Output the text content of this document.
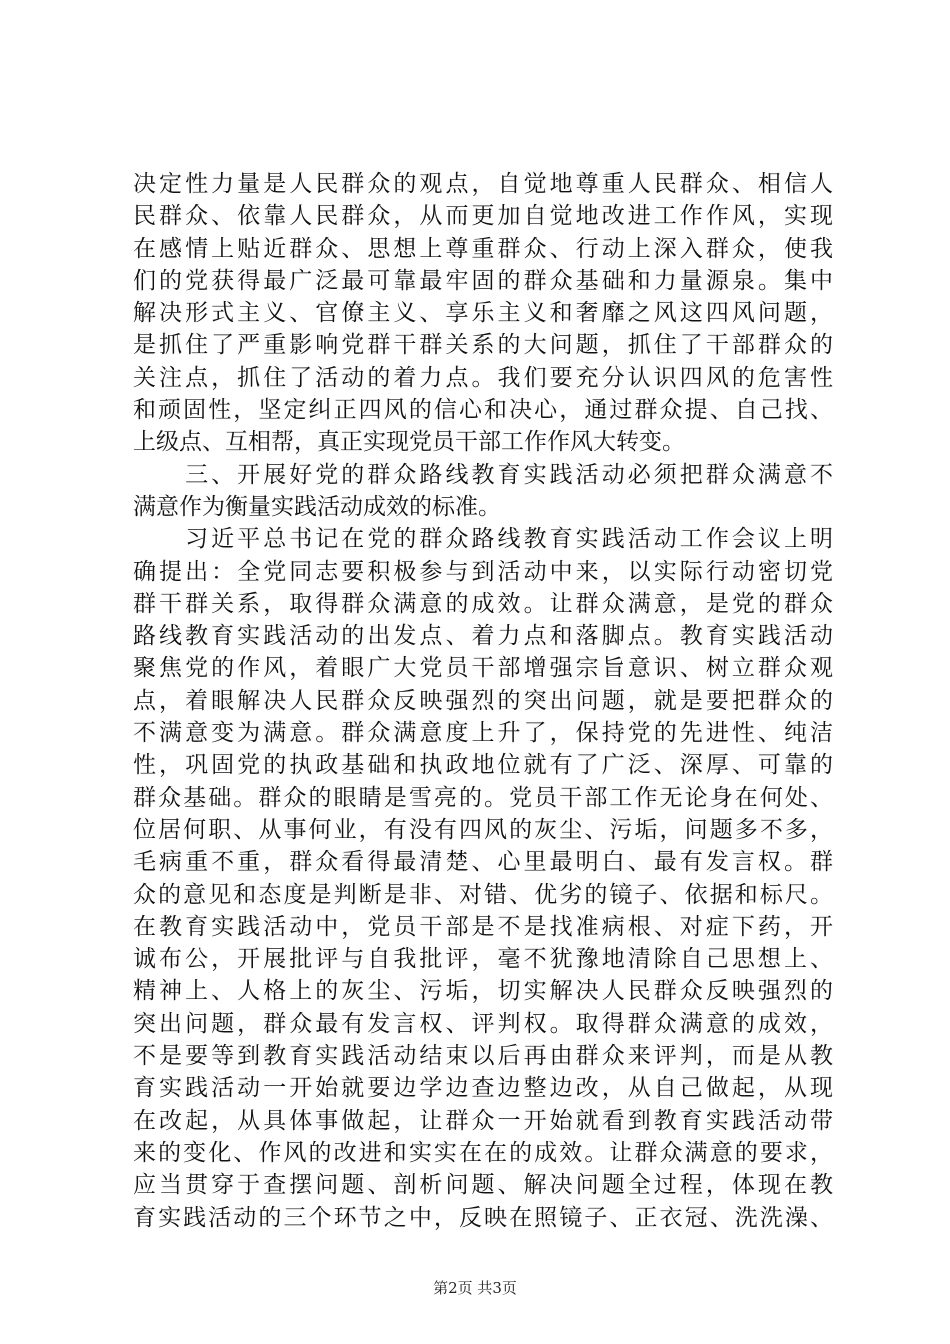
决定性力量是人民群众的观点，自觉地尊重人民群众、相信人
民群众、依靠人民群众，从而更加自觉地改进工作作风，实现
在感情上贴近群众、思想上尊重群众、行动上深入群众，使我
们的党获得最广泛最可靠最牢固的群众基础和力量源泉。集中
解决形式主义、官僚主义、享乐主义和奢靡之风这四风问题，
是抓住了严重影响党群干群关系的大问题，抓住了干部群众的
关注点，抓住了活动的着力点。我们要充分认识四风的危害性
和顽固性，坚定纠正四风的信心和决心，通过群众提、自己找、
上级点、互相帮，真正实现党员干部工作作风大转变。
　　三、开展好党的群众路线教育实践活动必须把群众满意不
满意作为衡量实践活动成效的标准。
　　习近平总书记在党的群众路线教育实践活动工作会议上明
确提出：全党同志要积极参与到活动中来，以实际行动密切党
群干群关系，取得群众满意的成效。让群众满意，是党的群众
路线教育实践活动的出发点、着力点和落脚点。教育实践活动
聚焦党的作风，着眼广大党员干部增强宗旨意识、树立群众观
点，着眼解决人民群众反映强烈的突出问题，就是要把群众的
不满意变为满意。群众满意度上升了，保持党的先进性、纯洁
性，巩固党的执政基础和执政地位就有了广泛、深厚、可靠的
群众基础。群众的眼睛是雪亮的。党员干部工作无论身在何处、
位居何职、从事何业，有没有四风的灰尘、污垢，问题多不多，
毛病重不重，群众看得最清楚、心里最明白、最有发言权。群
众的意见和态度是判断是非、对错、优劣的镜子、依据和标尺。
在教育实践活动中，党员干部是不是找准病根、对症下药，开
诚布公，开展批评与自我批评，毫不犹豫地清除自己思想上、
精神上、人格上的灰尘、污垢，切实解决人民群众反映强烈的
突出问题，群众最有发言权、评判权。取得群众满意的成效，
不是要等到教育实践活动结束以后再由群众来评判，而是从教
育实践活动一开始就要边学边查边整边改，从自己做起，从现
在改起，从具体事做起，让群众一开始就看到教育实践活动带
来的变化、作风的改进和实实在在的成效。让群众满意的要求，
应当贯穿于查摆问题、剖析问题、解决问题全过程，体现在教
育实践活动的三个环节之中，反映在照镜子、正衣冠、洗洗澡、
第2页 共3页
